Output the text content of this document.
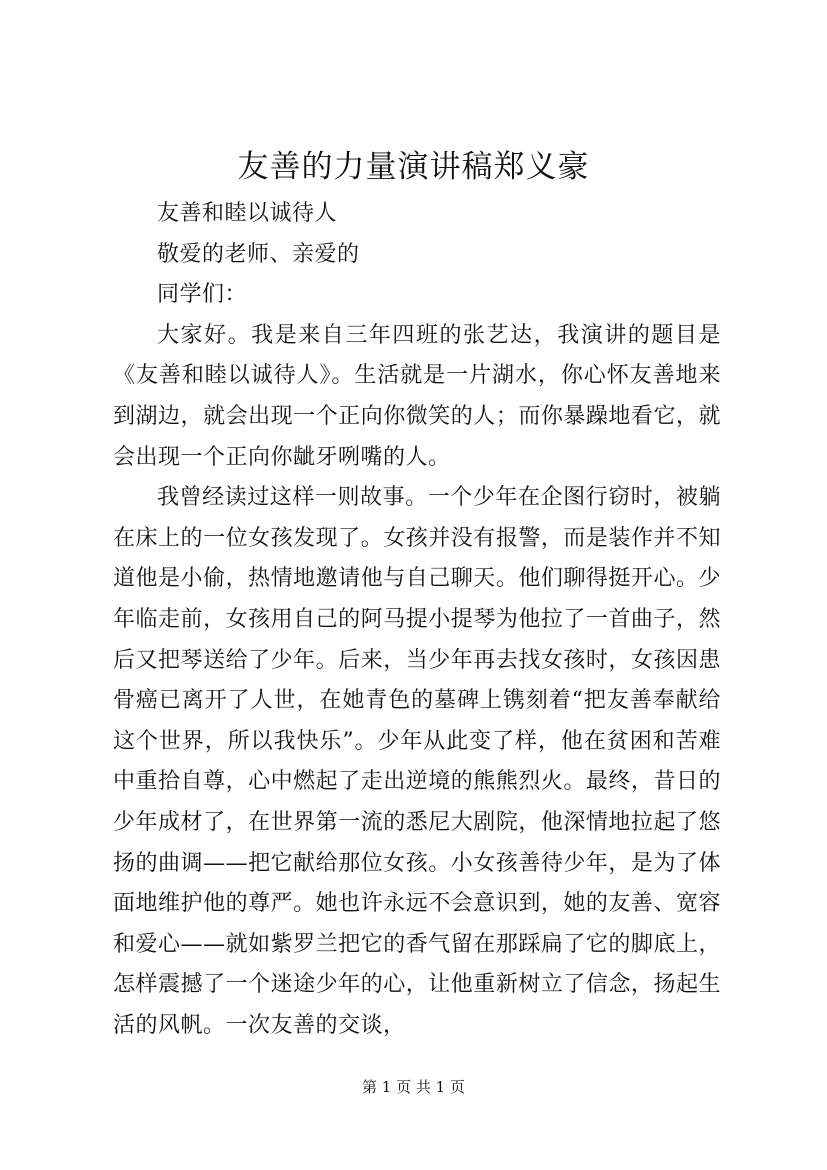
友善的力量演讲稿郑义豪

友善和睦以诚待人

敬爱的老师、亲爱的

同学们：

大家好。我是来自三年四班的张艺达，我演讲的题目是《友善和睦以诚待人》。生活就是一片湖水，你心怀友善地来到湖边，就会出现一个正向你微笑的人；而你暴躁地看它，就会出现一个正向你龇牙咧嘴的人。

我曾经读过这样一则故事。一个少年在企图行窃时，被躺在床上的一位女孩发现了。女孩并没有报警，而是装作并不知道他是小偷，热情地邀请他与自己聊天。他们聊得挺开心。少年临走前，女孩用自己的阿马提小提琴为他拉了一首曲子，然后又把琴送给了少年。后来，当少年再去找女孩时，女孩因患骨癌已离开了人世，在她青色的墓碑上镌刻着“把友善奉献给这个世界，所以我快乐”。少年从此变了样，他在贫困和苦难中重拾自尊，心中燃起了走出逆境的熊熊烈火。最终，昔日的少年成材了，在世界第一流的悉尼大剧院，他深情地拉起了悠扬的曲调——把它献给那位女孩。小女孩善待少年，是为了体面地维护他的尊严。她也许永远不会意识到，她的友善、宽容和爱心——就如紫罗兰把它的香气留在那踩扁了它的脚底上，怎样震撼了一个迷途少年的心，让他重新树立了信念，扬起生活的风帆。一次友善的交谈，

第 1 页 共 1 页
